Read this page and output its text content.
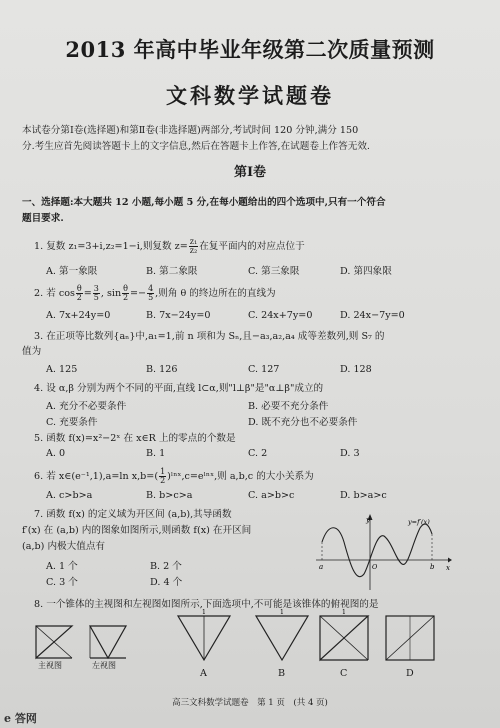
2013 年高中毕业年级第二次质量预测
文科数学试题卷
本试卷分第Ⅰ卷(选择题)和第Ⅱ卷(非选择题)两部分,考试时间 120 分钟,满分 150
分.考生应首先阅读答题卡上的文字信息,然后在答题卡上作答,在试题卷上作答无效.
第Ⅰ卷
一、选择题:本大题共 12 小题,每小题 5 分,在每小题给出的四个选项中,只有一个符合
题目要求.
1. 复数 z₁=3+i,z₂=1−i,则复数 $z= \frac{\text{z₁}}{\text{z₂}}$ 在复平面内的对应点位于
A. 第一象限	B. 第二象限	C. 第三象限	D. 第四象限
2. 若 $\cos \frac{\theta}{2} = \frac{3}{5}$ , $\sin \frac{\theta}{2} =- \frac{4}{5}$ ,则角 θ 的终边所在的直线为
A. 7x+24y=0	B. 7x−24y=0	C. 24x+7y=0	D. 24x−7y=0
3. 在正项等比数列{aₙ}中,a₁=1,前 n 项和为 Sₙ,且−a₃,a₂,a₄ 成等差数列,则 S₇ 的
值为
A. 125	B. 126	C. 127	D. 128
4. 设 α,β 分别为两个不同的平面,直线 l⊂α,则"l⊥β"是"α⊥β"成立的
A. 充分不必要条件	B. 必要不充分条件
C. 充要条件	D. 既不充分也不必要条件
5. 函数 f(x)=x²−2ˣ 在 x∈R 上的零点的个数是
A. 0	B. 1	C. 2	D. 3
6. 若 x∈(e⁻¹,1),a=ln $x,b=( \frac{1}{2}$ )ˡⁿˣ,c=eˡⁿˣ,则 a,b,c 的大小关系为
A. c>b>a	B. b>c>a	C. a>b>c	D. b>a>c
7. 函数 f(x) 的定义域为开区间 (a,b),其导函数
f′(x) 在 (a,b) 内的图象如图所示,则函数 f(x) 在开区间
(a,b) 内极大值点有
A. 1 个	B. 2 个
C. 3 个	D. 4 个
y
x
a	b
O
y=f′(x)
8. 一个锥体的主视图和左视图如图所示,下面选项中,不可能是该锥体的俯视图的是
主视图	左视图
1	1	1
A	B	C	D
高三文科数学试题卷　第 1 页　(共 4 页)
e 答网
